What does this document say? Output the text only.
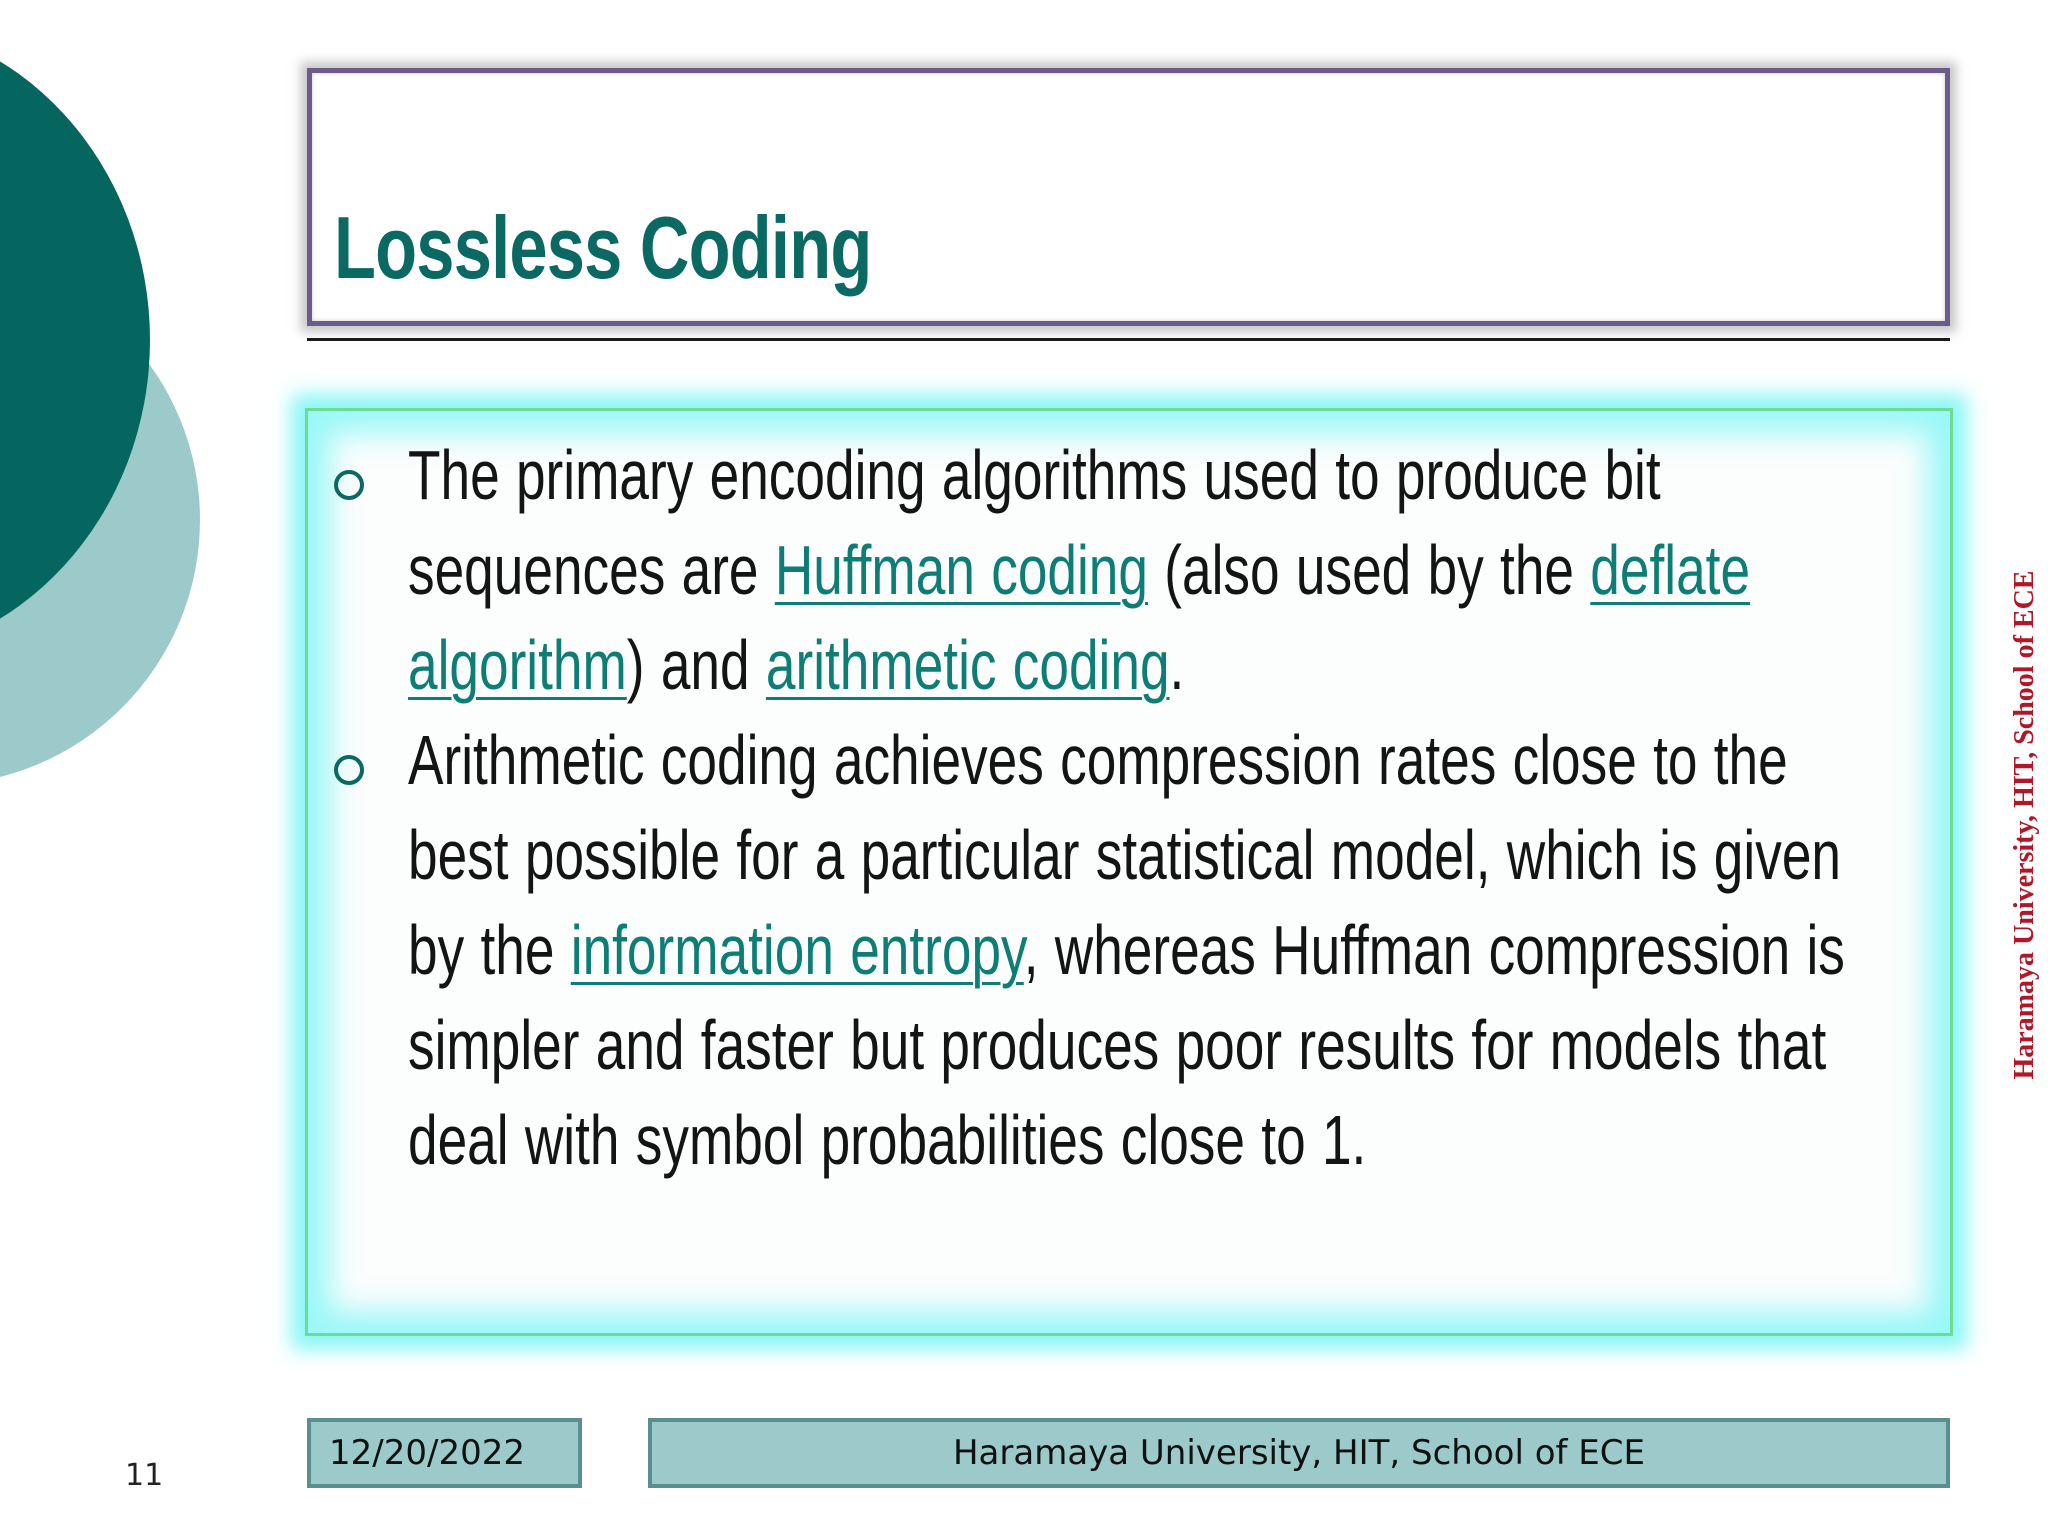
Lossless Coding
The primary encoding algorithms used to produce bit sequences are Huffman coding (also used by the deflate algorithm) and arithmetic coding.
Arithmetic coding achieves compression rates close to the best possible for a particular statistical model, which is given by the information entropy, whereas Huffman compression is simpler and faster but produces poor results for models that deal with symbol probabilities close to 1.
Haramaya University, HIT, School of ECE
11
12/20/2022	Haramaya University, HIT, School of ECE
